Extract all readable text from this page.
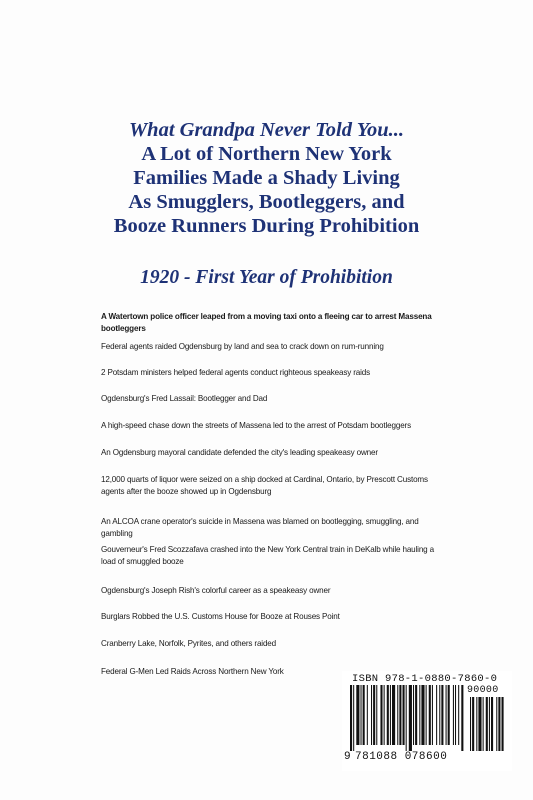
What Grandpa Never Told You...
A Lot of Northern New York
Families Made a Shady Living
As Smugglers, Bootleggers, and
Booze Runners During Prohibition
1920 - First Year of Prohibition
A Watertown police officer leaped from a moving taxi onto a fleeing car to arrest Massena bootleggers
Federal agents raided Ogdensburg by land and sea to crack down on rum-running
2 Potsdam ministers helped federal agents conduct righteous speakeasy raids
Ogdensburg's Fred Lassail: Bootlegger and Dad
A high-speed chase down the streets of Massena led to the arrest of Potsdam bootleggers
An Ogdensburg mayoral candidate defended the city's leading speakeasy owner
12,000 quarts of liquor were seized on a ship docked at Cardinal, Ontario, by Prescott Customs agents after the booze showed up in Ogdensburg
An ALCOA crane operator's suicide in Massena was blamed on bootlegging, smuggling, and gambling
Gouverneur's Fred Scozzafava crashed into the New York Central train in DeKalb while hauling a load of smuggled booze
Ogdensburg's Joseph Rish's colorful career as a speakeasy owner
Burglars Robbed the U.S. Customs House for Booze at Rouses Point
Cranberry Lake, Norfolk, Pyrites, and others raided
Federal G-Men Led Raids Across Northern New York
ISBN 978-1-0880-7860-0
90000
9 781088 078600
